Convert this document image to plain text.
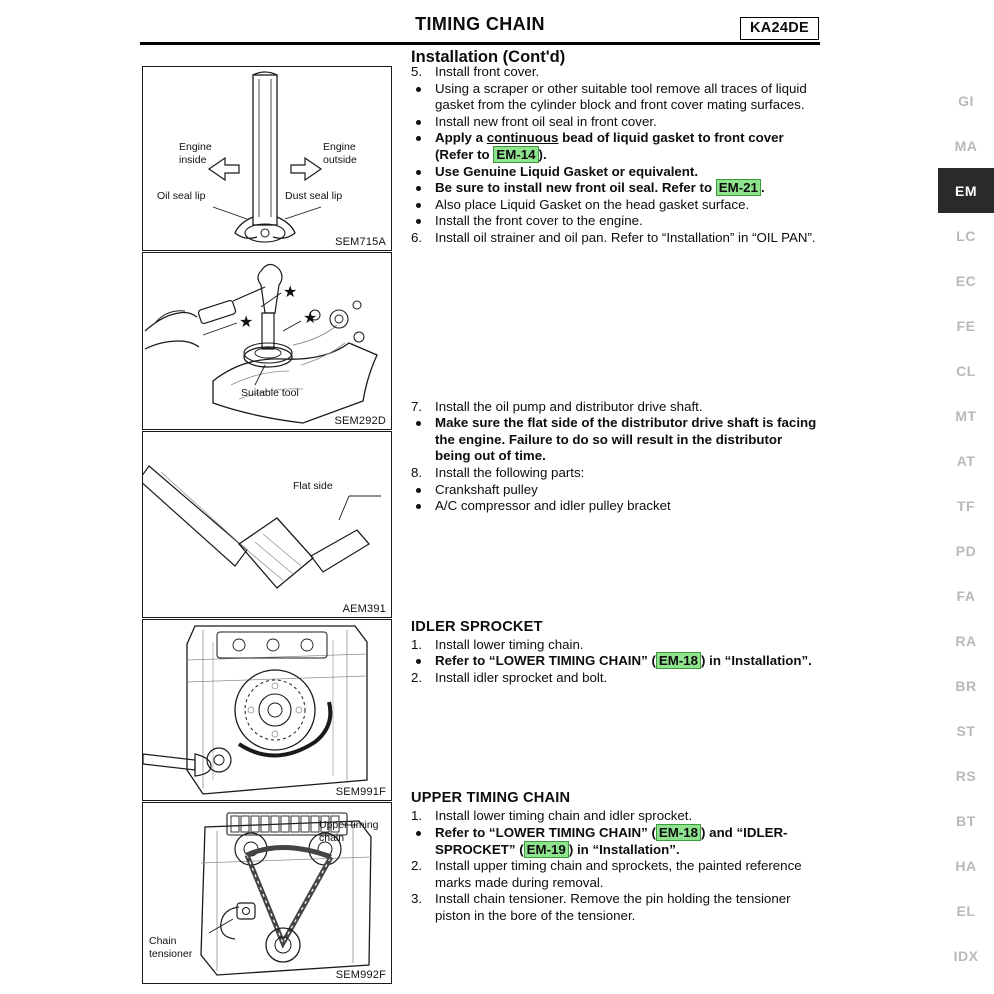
TIMING CHAIN	KA24DE
Installation (Cont'd)
GI
MA
EM
LC
EC
FE
CL
MT
AT
TF
PD
FA
RA
BR
ST
RS
BT
HA
EL
IDX
Engine inside
Engine outside
Oil seal lip	Dust seal lip
SEM715A
★
★	★
Suitable tool
SEM292D
Flat side
AEM391
SEM991F
Upper timing chain
Chain tensioner
SEM992F
5. Install front cover.
Using a scraper or other suitable tool remove all traces of liquid gasket from the cylinder block and front cover mating surfaces.
Install new front oil seal in front cover.
Apply a continuous bead of liquid gasket to front cover (Refer to EM-14 ).
Use Genuine Liquid Gasket or equivalent.
Be sure to install new front oil seal. Refer to EM-21 .
Also place Liquid Gasket on the head gasket surface.
Install the front cover to the engine.
6. Install oil strainer and oil pan. Refer to “Installation” in “OIL PAN”.
7. Install the oil pump and distributor drive shaft.
Make sure the flat side of the distributor drive shaft is facing the engine. Failure to do so will result in the distributor being out of time.
8. Install the following parts:
Crankshaft pulley
A/C compressor and idler pulley bracket
IDLER SPROCKET
1. Install lower timing chain.
Refer to “LOWER TIMING CHAIN” ( EM-18 ) in “Installation”.
2. Install idler sprocket and bolt.
UPPER TIMING CHAIN
1. Install lower timing chain and idler sprocket.
Refer to “LOWER TIMING CHAIN” ( EM-18 ) and “IDLER-SPROCKET” ( EM-19 ) in “Installation”.
2. Install upper timing chain and sprockets, the painted reference marks made during removal.
3. Install chain tensioner. Remove the pin holding the tensioner piston in the bore of the tensioner.
